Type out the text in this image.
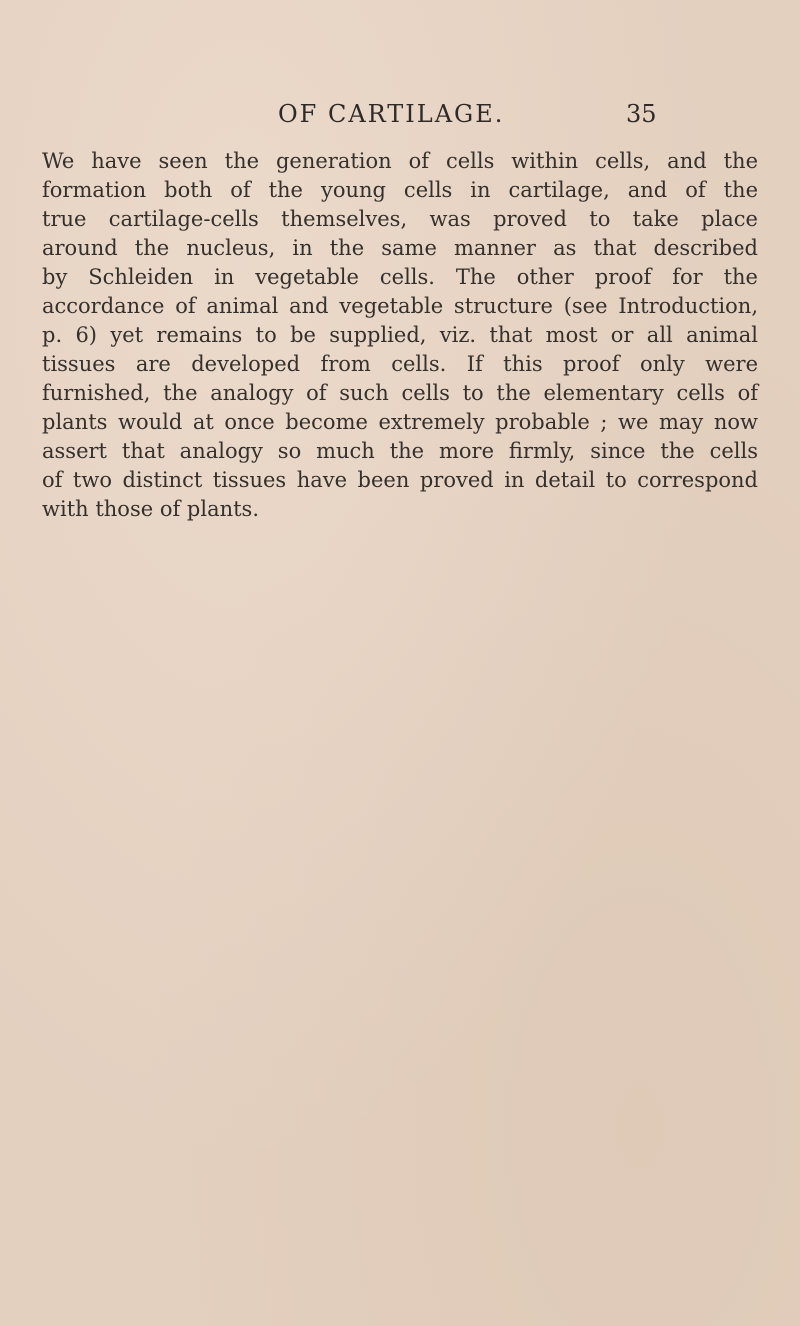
OF CARTILAGE.	35
We have seen the generation of cells within cells, and the
formation both of the young cells in cartilage, and of the
true cartilage-cells themselves, was proved to take place
around the nucleus, in the same manner as that described
by Schleiden in vegetable cells. The other proof for the
accordance of animal and vegetable structure (see Introduction,
p. 6) yet remains to be supplied, viz. that most or all animal
tissues are developed from cells. If this proof only were
furnished, the analogy of such cells to the elementary cells of
plants would at once become extremely probable ; we may now
assert that analogy so much the more firmly, since the cells
of two distinct tissues have been proved in detail to correspond
with those of plants.
